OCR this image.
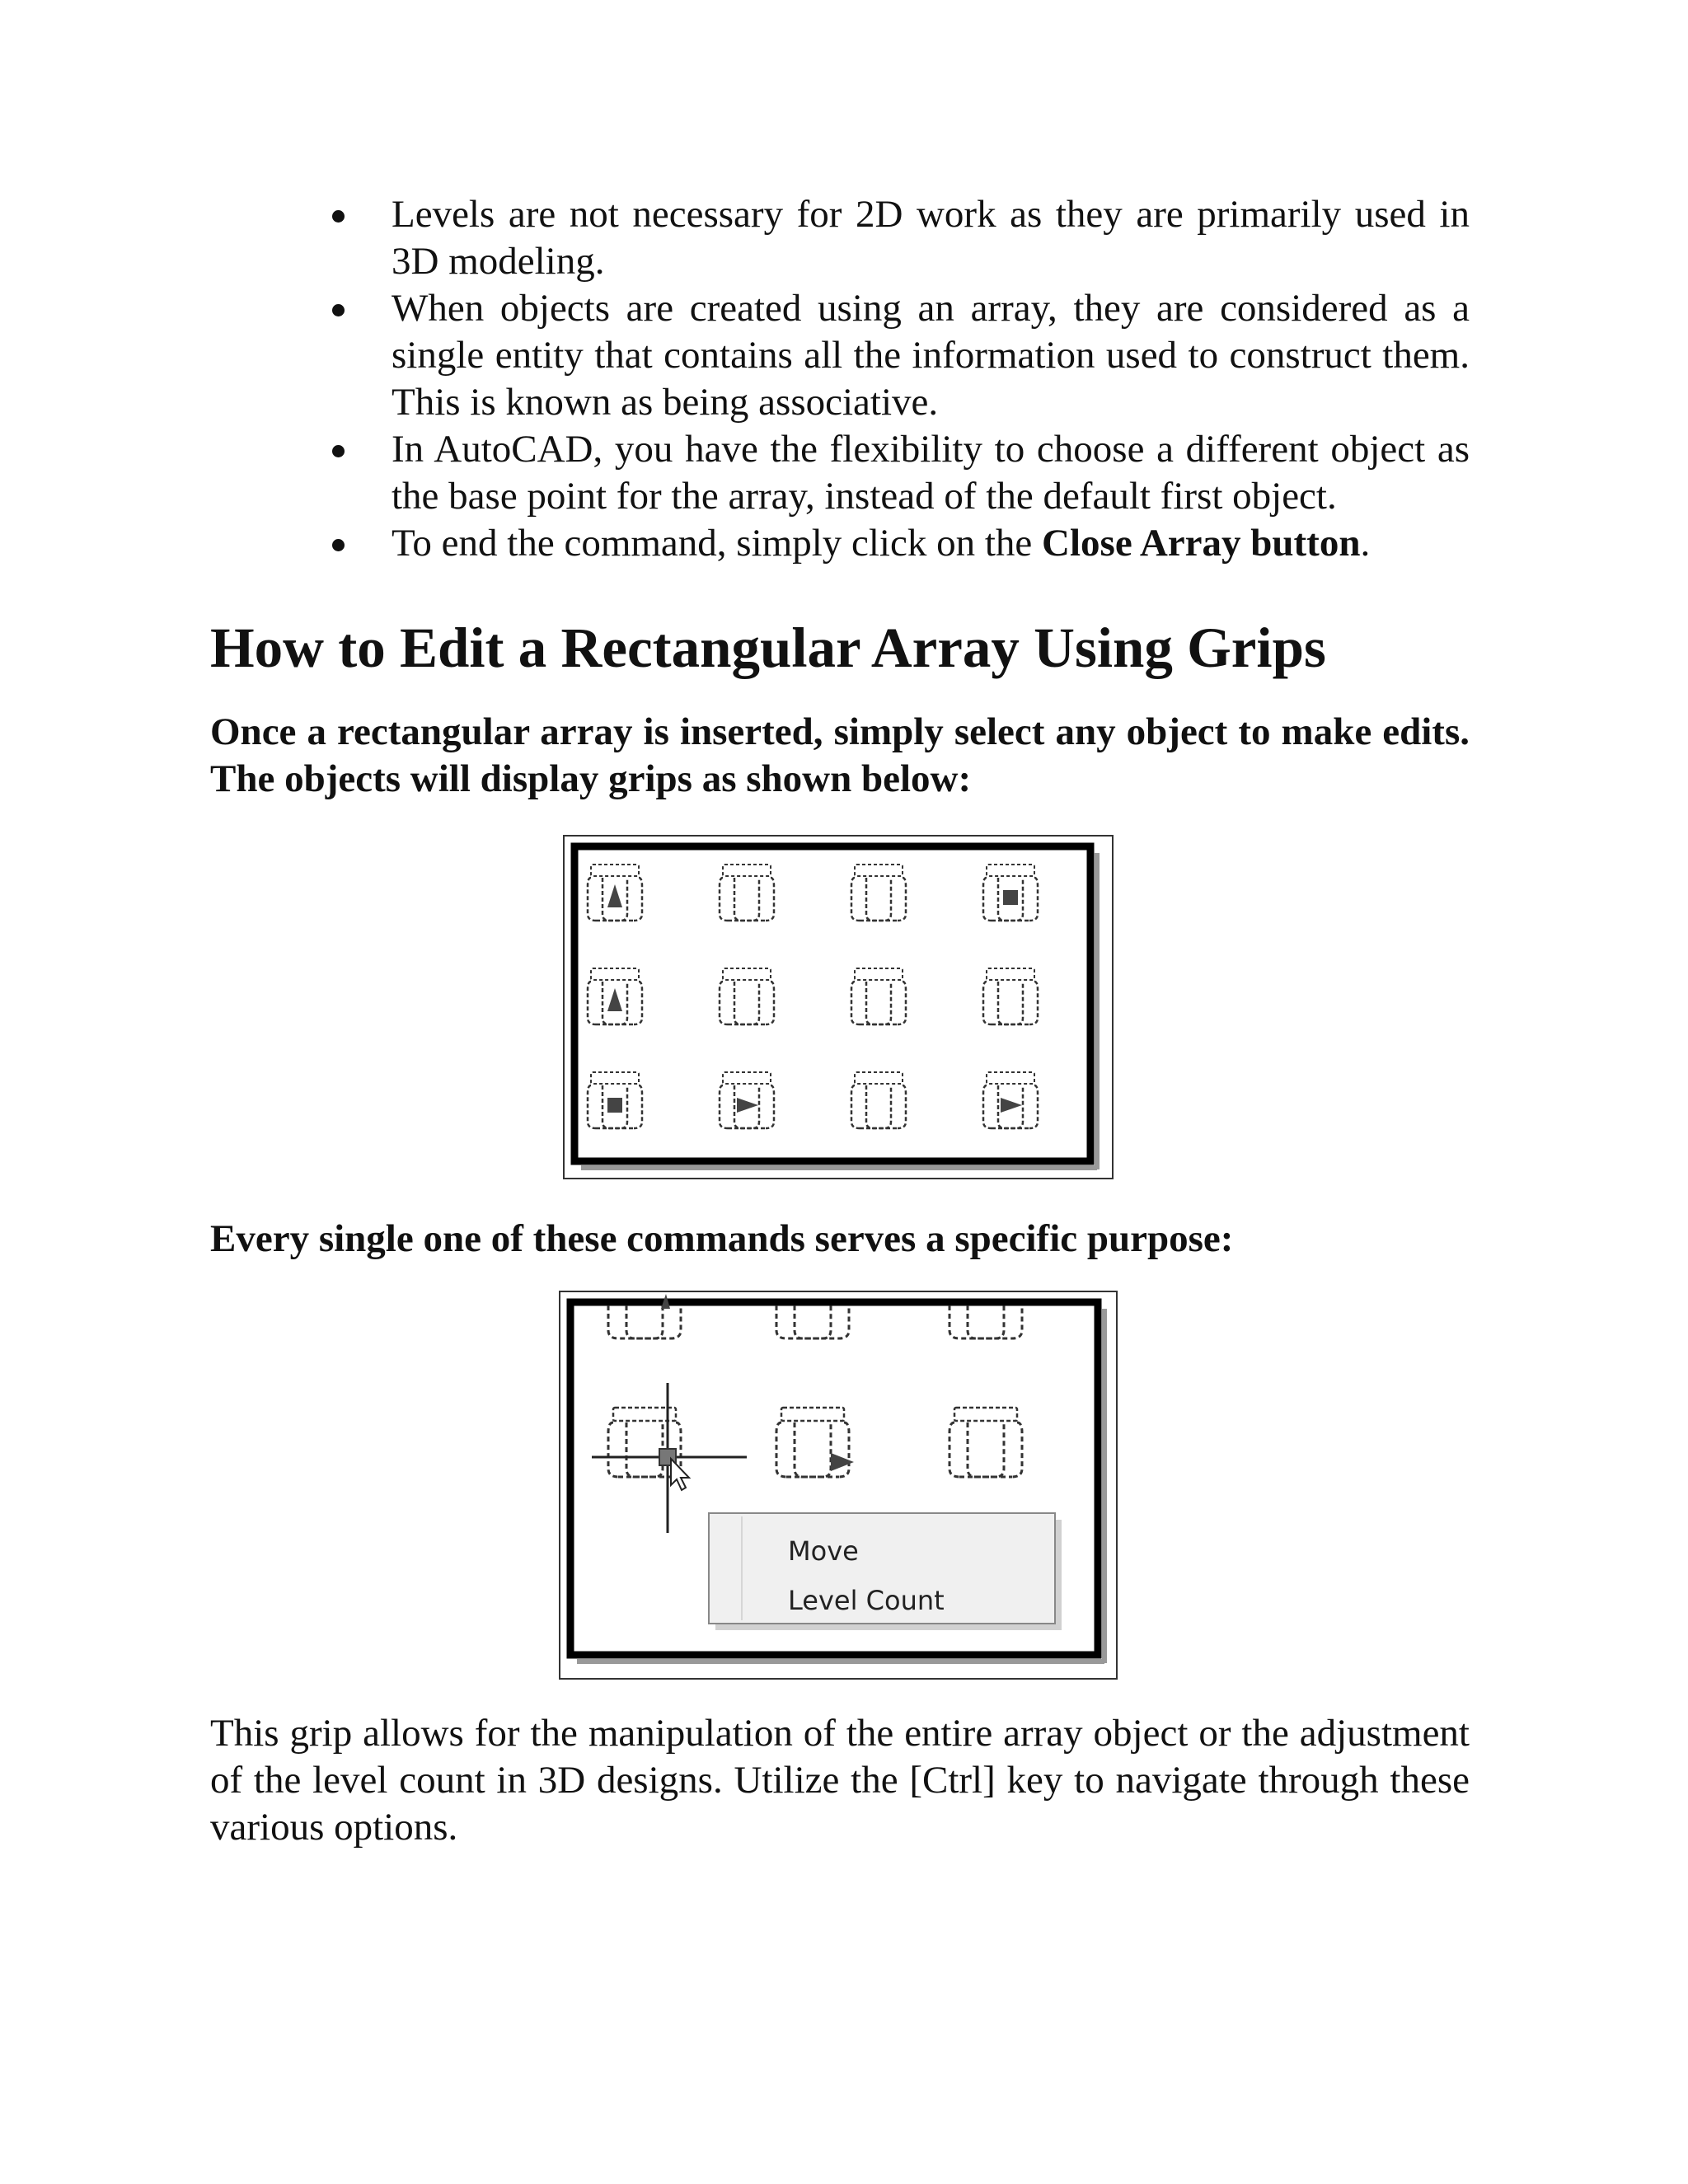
Levels are not necessary for 2D work as they are primarily used in 3D modeling.
When objects are created using an array, they are considered as a single entity that contains all the information used to construct them. This is known as being associative.
In AutoCAD, you have the flexibility to choose a different object as the base point for the array, instead of the default first object.
To end the command, simply click on the Close Array button.
How to Edit a Rectangular Array Using Grips

Once a rectangular array is inserted, simply select any object to make edits. The objects will display grips as shown below:

Every single one of these commands serves a specific purpose:

Move
Level Count

This grip allows for the manipulation of the entire array object or the adjustment of the level count in 3D designs. Utilize the [Ctrl] key to navigate through these various options.
